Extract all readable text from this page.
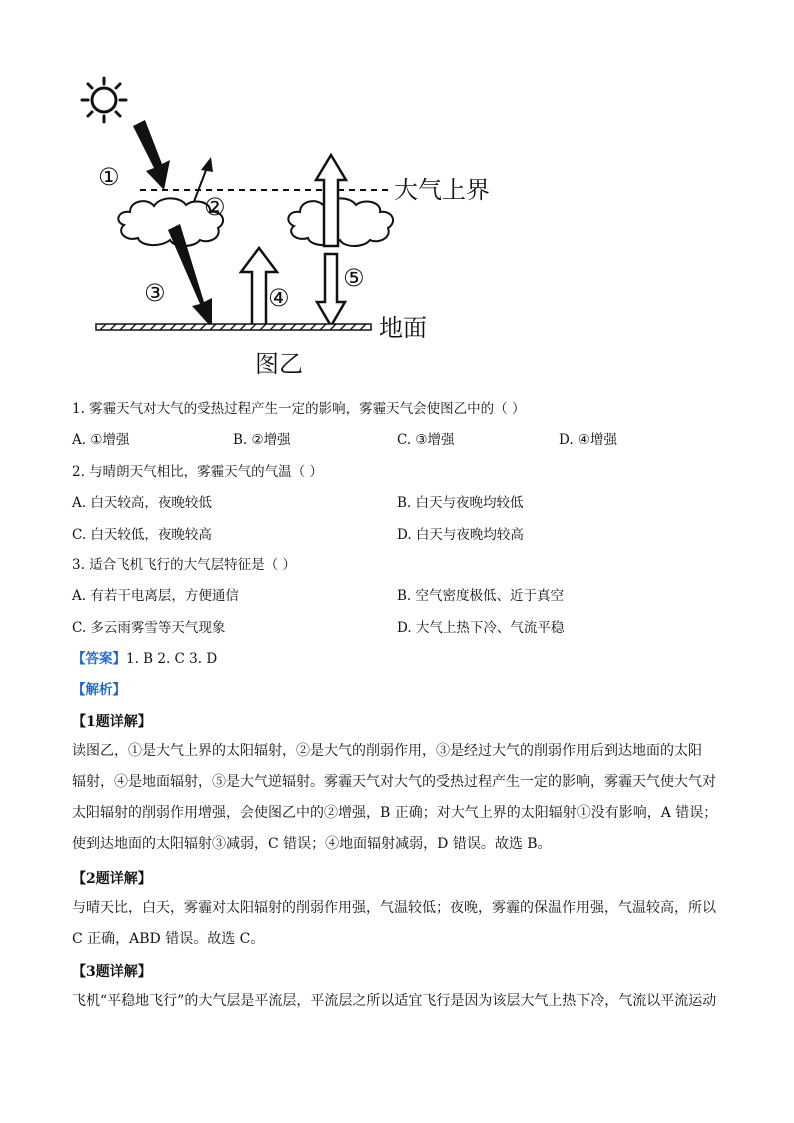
①
②
③	④
⑤
大气上界
地面
图乙
1. 雾霾天气对大气的受热过程产生一定的影响，雾霾天气会使图乙中的（ ）
A. ①增强	B. ②增强	C. ③增强	D. ④增强
2. 与晴朗天气相比，雾霾天气的气温（ ）
A. 白天较高，夜晚较低	B. 白天与夜晚均较低
C. 白天较低，夜晚较高	D. 白天与夜晚均较高
3. 适合飞机飞行的大气层特征是（ ）
A. 有若干电离层，方便通信	B. 空气密度极低、近于真空
C. 多云雨雾雪等天气现象	D. 大气上热下冷、气流平稳
【答案】1. B 2. C 3. D
【解析】
【1题详解】
读图乙，①是大气上界的太阳辐射，②是大气的削弱作用，③是经过大气的削弱作用后到达地面的太阳
辐射，④是地面辐射，⑤是大气逆辐射。雾霾天气对大气的受热过程产生一定的影响，雾霾天气使大气对
太阳辐射的削弱作用增强，会使图乙中的②增强，B 正确；对大气上界的太阳辐射①没有影响，A 错误；
使到达地面的太阳辐射③减弱，C 错误；④地面辐射减弱，D 错误。故选 B。
【2题详解】
与晴天比，白天，雾霾对太阳辐射的削弱作用强，气温较低；夜晚，雾霾的保温作用强，气温较高，所以
C 正确，ABD 错误。故选 C。
【3题详解】
飞机“平稳地飞行”的大气层是平流层，平流层之所以适宜飞行是因为该层大气上热下冷，气流以平流运动
